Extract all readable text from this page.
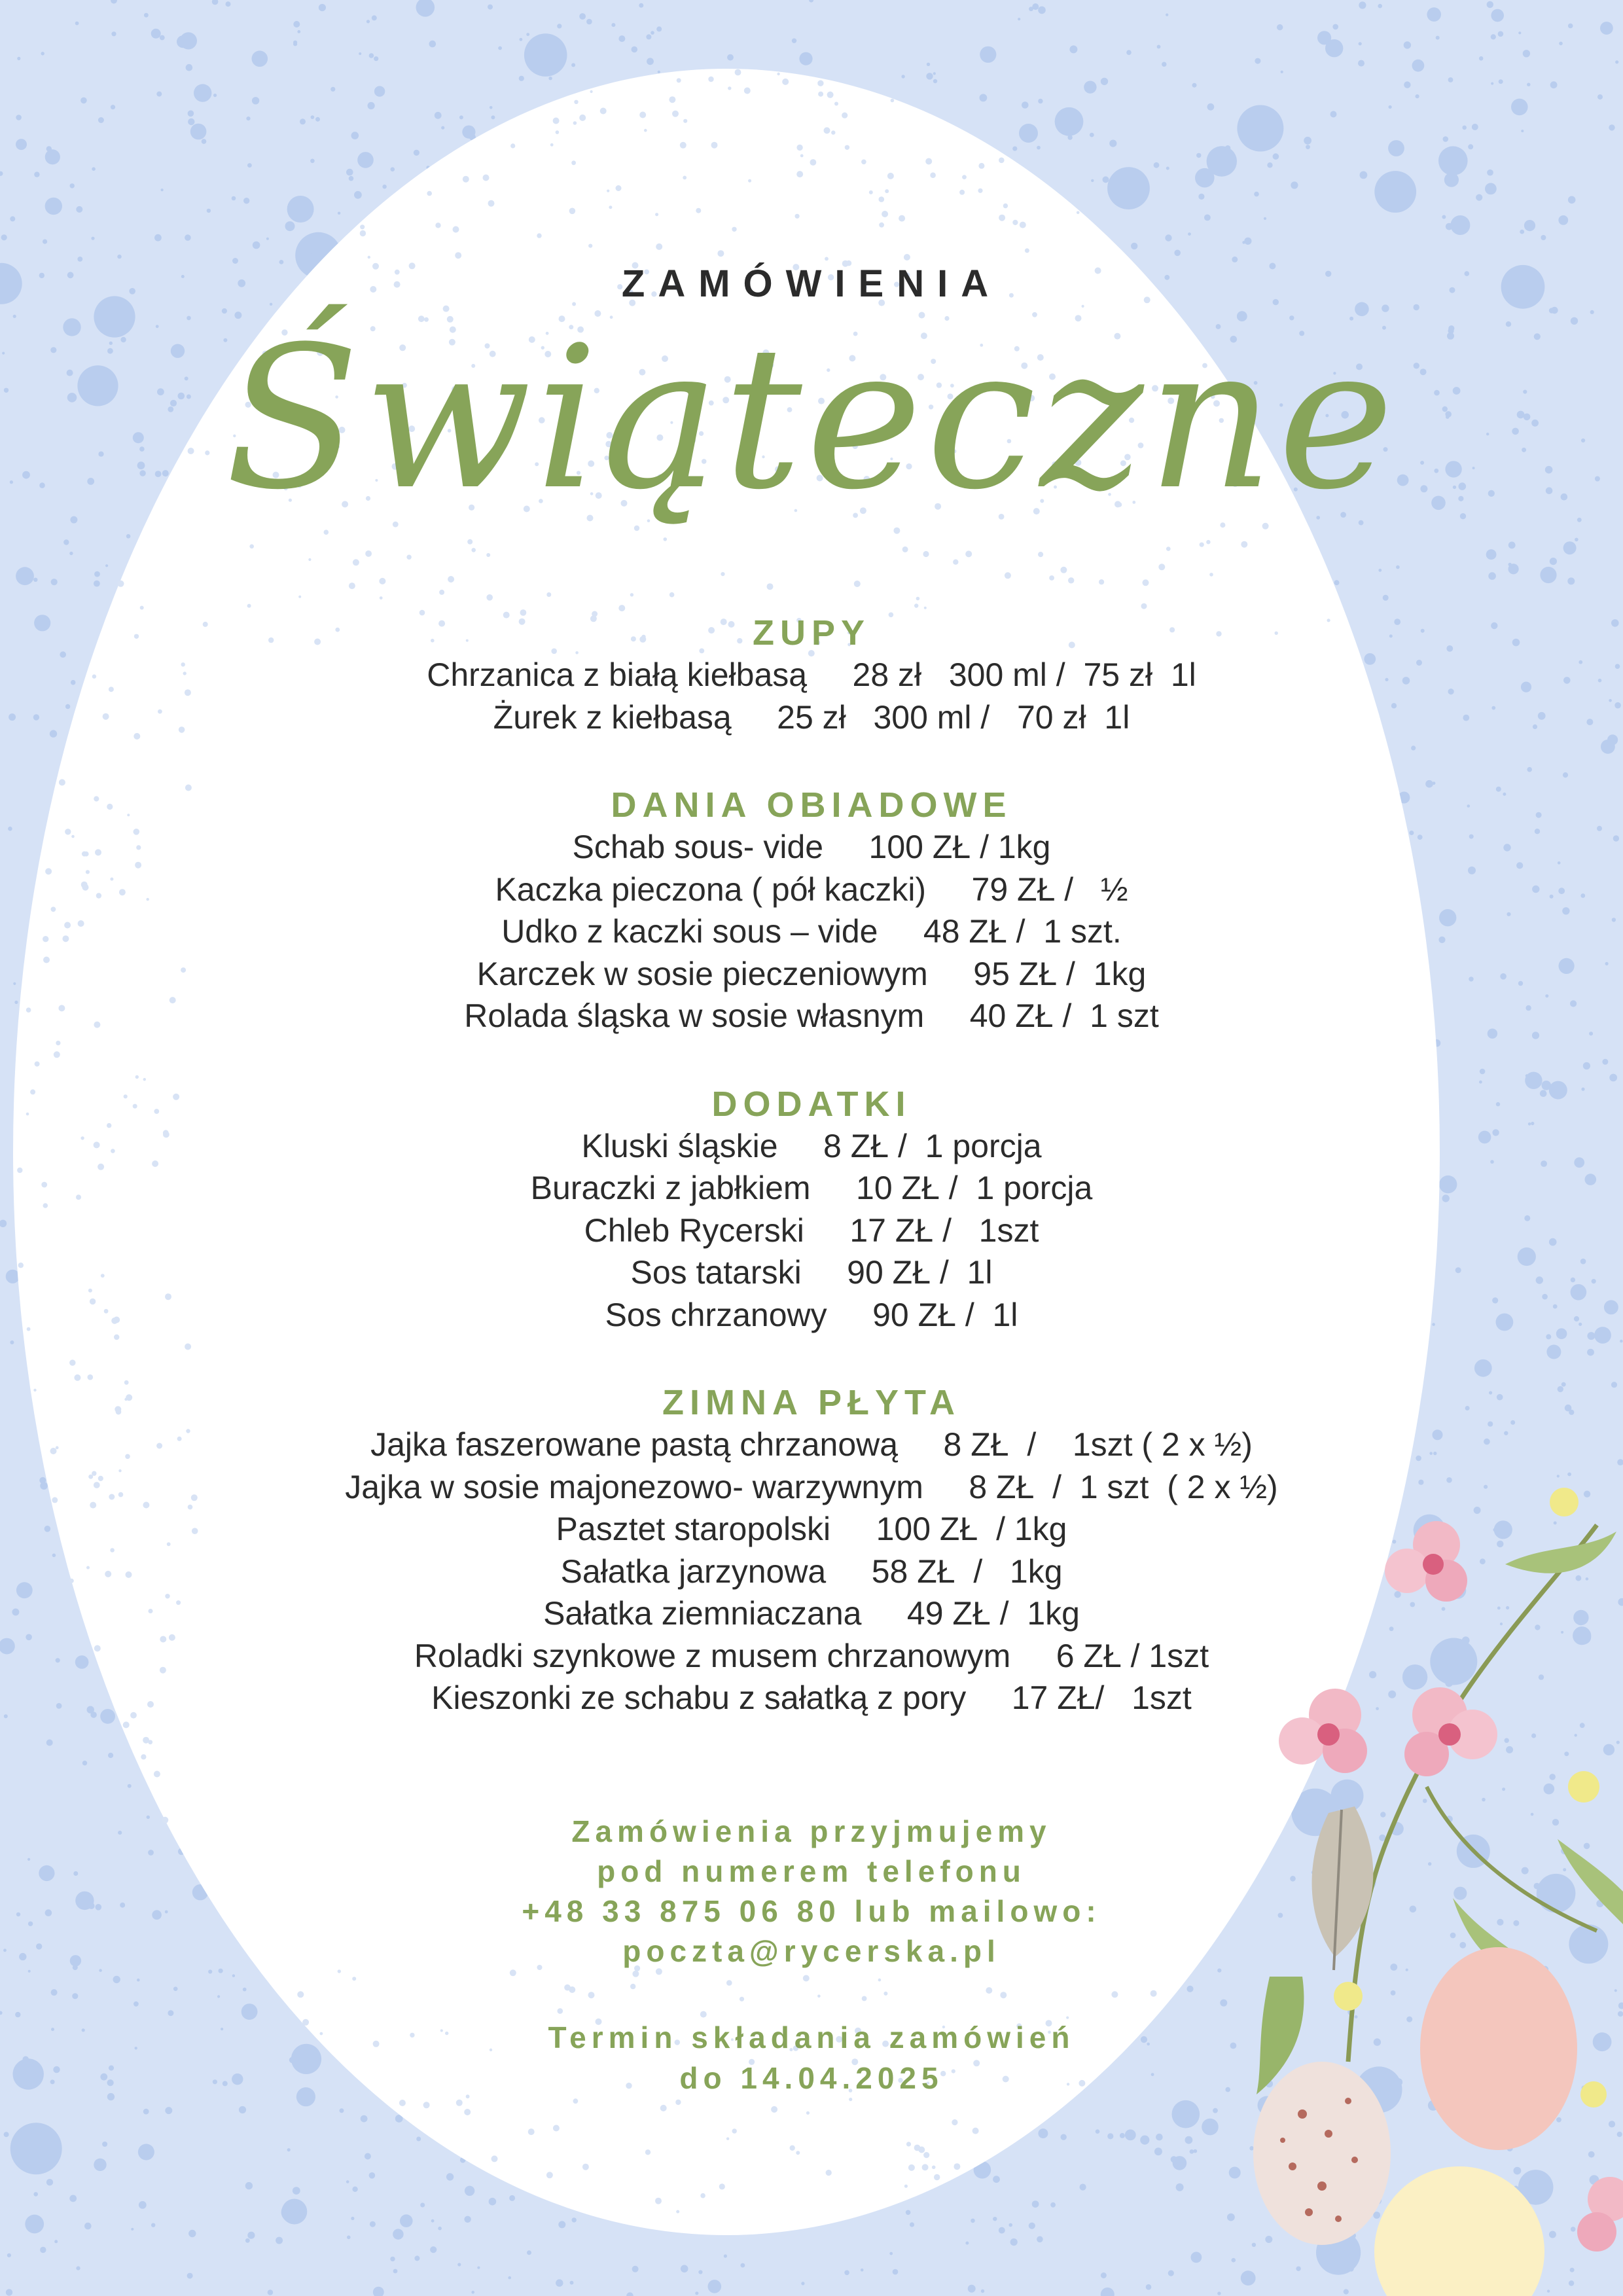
ZAMÓWIENIA
Świąteczne
ZUPY
Chrzanica z białą kiełbasą     28 zł   300 ml /  75 zł  1l
Żurek z kiełbasą     25 zł   300 ml /   70 zł  1l
DANIA OBIADOWE
Schab sous- vide     100 ZŁ / 1kg
Kaczka pieczona ( pół kaczki)     79 ZŁ /   ½
Udko z kaczki sous – vide     48 ZŁ /  1 szt.
Karczek w sosie pieczeniowym     95 ZŁ /  1kg
Rolada śląska w sosie własnym     40 ZŁ /  1 szt
DODATKI
Kluski śląskie     8 ZŁ /  1 porcja
Buraczki z jabłkiem     10 ZŁ /  1 porcja
Chleb Rycerski     17 ZŁ /   1szt
Sos tatarski     90 ZŁ /  1l
Sos chrzanowy     90 ZŁ /  1l
ZIMNA PŁYTA
Jajka faszerowane pastą chrzanową     8 ZŁ  /    1szt ( 2 x ½)
Jajka w sosie majonezowo- warzywnym     8 ZŁ  /  1 szt  ( 2 x ½)
Pasztet staropolski     100 ZŁ  / 1kg
Sałatka jarzynowa     58 ZŁ  /   1kg
Sałatka ziemniaczana     49 ZŁ /  1kg
Roladki szynkowe z musem chrzanowym     6 ZŁ / 1szt
Kieszonki ze schabu z sałatką z pory     17 ZŁ/   1szt
Zamówienia przyjmujemy
pod numerem telefonu
+48 33 875 06 80 lub mailowo:
poczta@rycerska.pl
Termin składania zamówień
do 14.04.2025
